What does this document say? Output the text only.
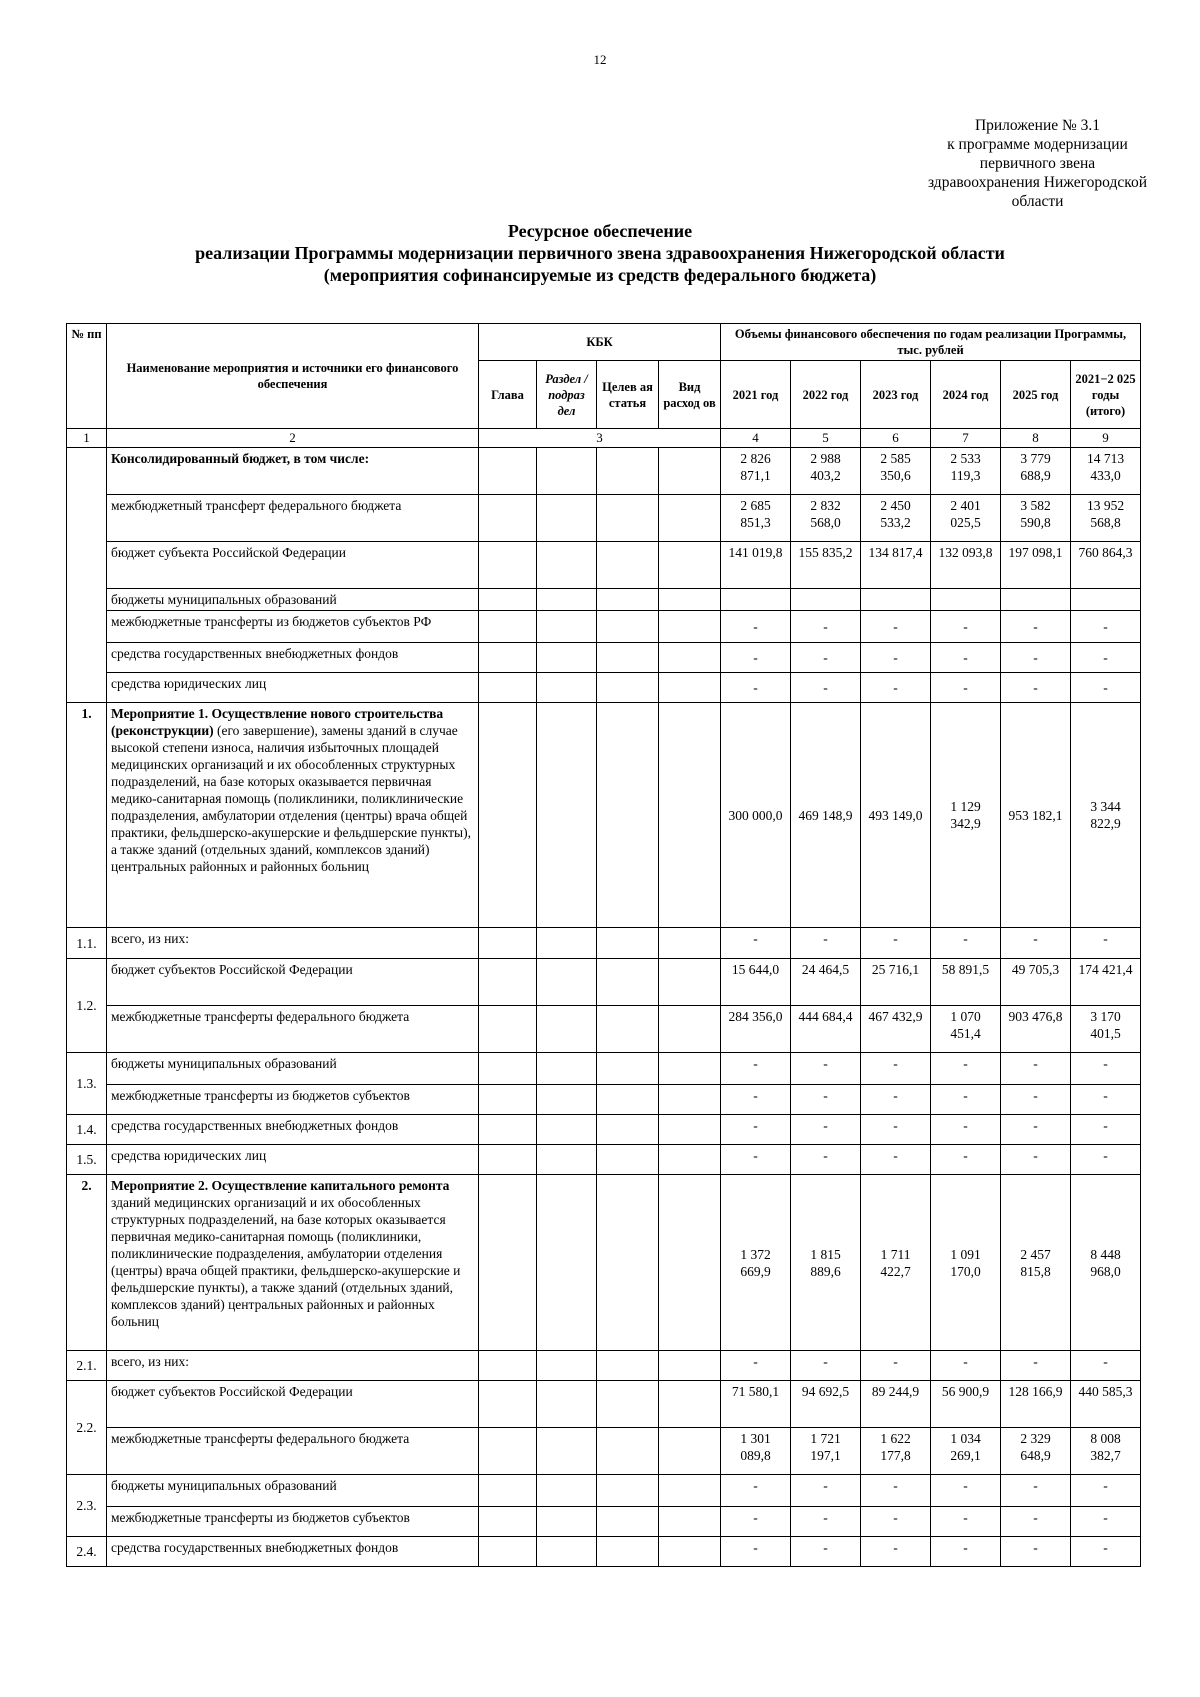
12
Приложение № 3.1
к программе модернизации
первичного звена
здравоохранения Нижегородской
области
Ресурсное обеспечение
реализации Программы модернизации первичного звена здравоохранения Нижегородской области
(мероприятия софинансируемые из средств федерального бюджета)
№ пп	Наименование мероприятия и источники его финансового обеспечения	КБК				Объемы финансового обеспечения по годам реализации Программы, тыс. рублей					
		Глава	Раздел / подраз дел	Целев ая статья	Вид расход ов	2021 год	2022 год	2023 год	2024 год	2025 год	2021−2 025 годы (итого)
1	2	3				4	5	6	7	8	9
	Консолидированный бюджет, в том числе:					2 826 871,1	2 988 403,2	2 585 350,6	2 533 119,3	3 779 688,9	14 713 433,0
	межбюджетный трансферт федерального бюджета					2 685 851,3	2 832 568,0	2 450 533,2	2 401 025,5	3 582 590,8	13 952 568,8
	бюджет субъекта Российской Федерации					141 019,8	155 835,2	134 817,4	132 093,8	197 098,1	760 864,3
	бюджеты муниципальных образований										
	межбюджетные трансферты из бюджетов субъектов РФ					-	-	-	-	-	-
	средства государственных внебюджетных фондов					-	-	-	-	-	-
	средства юридических лиц					-	-	-	-	-	-
1.	Мероприятие 1. Осуществление нового строительства (реконструкции) (его завершение), замены зданий в случае высокой степени износа, наличия избыточных площадей медицинских организаций и их обособленных структурных подразделений, на базе которых оказывается первичная медико-санитарная помощь (поликлиники, поликлинические подразделения, амбулатории отделения (центры) врача общей практики, фельдшерско-акушерские и фельдшерские пункты), а также зданий (отдельных зданий, комплексов зданий) центральных районных и районных больниц					300 000,0	469 148,9	493 149,0	1 129 342,9	953 182,1	3 344 822,9
1.1.	всего, из них:					-	-	-	-	-	-
1.2.	бюджет субъектов Российской Федерации					15 644,0	24 464,5	25 716,1	58 891,5	49 705,3	174 421,4
	межбюджетные трансферты федерального бюджета					284 356,0	444 684,4	467 432,9	1 070 451,4	903 476,8	3 170 401,5
1.3.	бюджеты муниципальных образований					-	-	-	-	-	-
	межбюджетные трансферты из бюджетов субъектов					-	-	-	-	-	-
1.4.	средства государственных внебюджетных фондов					-	-	-	-	-	-
1.5.	средства юридических лиц					-	-	-	-	-	-
2.	Мероприятие 2. Осуществление капитального ремонта зданий медицинских организаций и их обособленных структурных подразделений, на базе которых оказывается первичная медико-санитарная помощь (поликлиники, поликлинические подразделения, амбулатории отделения (центры) врача общей практики, фельдшерско-акушерские и фельдшерские пункты), а также зданий (отдельных зданий, комплексов зданий) центральных районных и районных больниц					1 372 669,9	1 815 889,6	1 711 422,7	1 091 170,0	2 457 815,8	8 448 968,0
2.1.	всего, из них:					-	-	-	-	-	-
2.2.	бюджет субъектов Российской Федерации					71 580,1	94 692,5	89 244,9	56 900,9	128 166,9	440 585,3
	межбюджетные трансферты федерального бюджета					1 301 089,8	1 721 197,1	1 622 177,8	1 034 269,1	2 329 648,9	8 008 382,7
2.3.	бюджеты муниципальных образований					-	-	-	-	-	-
	межбюджетные трансферты из бюджетов субъектов					-	-	-	-	-	-
2.4.	средства государственных внебюджетных фондов					-	-	-	-	-	-
